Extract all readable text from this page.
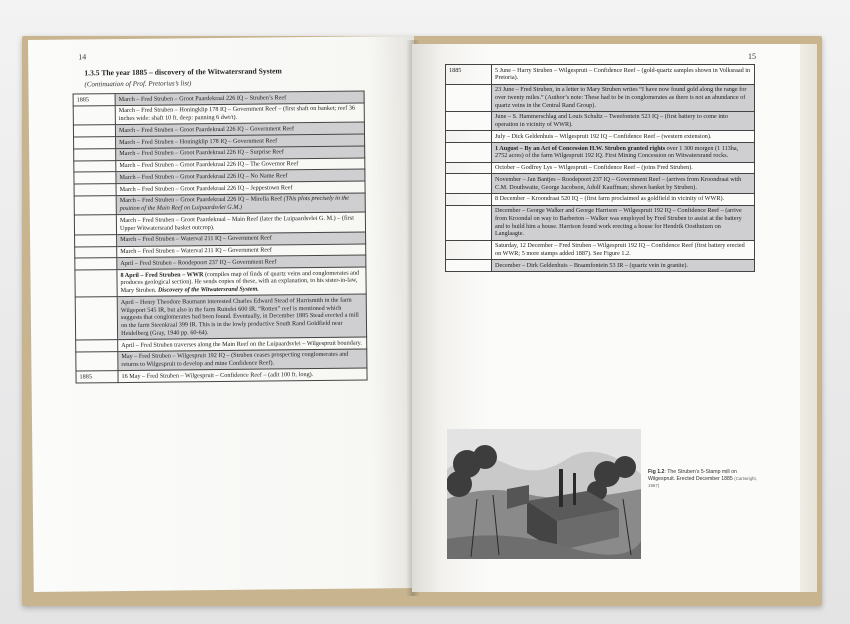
14
1.3.5 The year 1885 – discovery of the Witwatersrand System
(Continuation of Prof. Pretorius’s list)
1885	March – Fred Struben – Groot Paardekraal 226 IQ – Struben’s Reef
	March – Fred Struben – Honingklip 178 IQ – Government Reef – (first shaft on banket; reef 36 inches wide: shaft 10 ft. deep: panning 6 dwt/t).
	March – Fred Struben – Groot Paardekraal 226 IQ – Government Reef
	March – Fred Struben – Honingklip 178 IQ – Government Reef
	March – Fred Struben – Groot Paardekraal 226 IQ – Surprise Reef
	March – Fred Struben – Groot Paardekraal 226 IQ – The Governor Reef
	March – Fred Struben – Groot Paardekraal 226 IQ – No Name Reef
	March – Fred Struben – Groot Paardekraal 226 IQ – Jeppestown Reef
	March – Fred Struben – Groot Paardekraal 226 IQ – Mirella Reef (This plots precisely in the position of the Main Reef on Luipaardsvlei G.M.)
	March – Fred Struben – Groot Paardekraal – Main Reef (later the Luipaardsvlei G. M.) – (first Upper Witwatersrand basket outcrop).
	March – Fred Struben – Waterval 211 IQ – Government Reef
	March – Fred Struben – Waterval 211 IQ – Government Reef
	April – Fred Struben – Roodepoort 237 IQ – Government Reef
	8 April – Fred Struben – WWR (compiles map of finds of quartz veins and conglomerates and produces geological section). He sends copies of these, with an explanation, to his sister-in-law, Mary Struben. Discovery of the Witwatersrand System.
	April – Henry Theodore Baumann interested Charles Edward Stead of Harrismith in the farm Wilgeport 545 IR, but also in the farm Ruitsfei 600 IR. “Rotten” reef is mentioned which suggests that conglomerates had been found. Eventually, in December 1885 Stead erected a mill on the farm Steenkraal 399 IR. This is in the lowly productive South Rand Goldfield near Heidelberg (Gray, 1940 pp. 60-64).
	April – Fred Struben traverses along the Main Reef on the Luipaardsvlei – Wilgespruit boundary.
	May – Fred Struben – Wilgespruit 192 IQ – (Struben ceases prospecting conglomerates and returns to Wilgespruit to develop and mine Confidence Reef).
1885	16 May – Fred Struben – Wilgespruit – Confidence Reef – (adit 100 ft. long).
15
1885	5 June – Harry Struben – Wilgespruit – Confidence Reef – (gold-quartz samples shown in Volksraad in Pretoria).
	23 June – Fred Struben, in a letter to Mary Struben writes “I have now found gold along the range for over twenty miles.” (Author’s note: These had to be in conglomerates as there is not an abundance of quartz veins in the Central Rand Group).
	June – S. Hammerschlag and Louis Schultz – Tweefontein 523 IQ – (first battery to come into operation in vicinity of WWR).
	July – Dick Geldenhuis – Wilgespruit 192 IQ – Confidence Reef – (western extension).
	1 August – By an Act of Concession H.W. Struben granted rights over 1 300 morgen (1 113ha, 2752 acres) of the farm Wilgespruit 192 IQ. First Mining Concession on Witwatersrand rocks.
	October – Godfrey Lys – Wilgespruit – Confidence Reef – (joins Fred Struben).
	November – Jan Bantjes – Roodepoort 237 IQ – Government Reef – (arrives from Kroondraai with C.M. Douthwaite, George Jacobson, Adolf Kauffman; shown banket by Struben).
	8 December – Kroondraai 520 IQ – (first farm proclaimed as goldfield in vicinity of WWR).
	December – George Walker and George Harrison – Wilgespruit 192 IQ – Confidence Reef – (arrive from Kroondal on way to Barberton – Walker was employed by Fred Struben to assist at the battery and to build him a house. Harrison found work erecting a house for Hendrik Oosthuizen on Langlaagte.
	Saturday, 12 December – Fred Struben – Wilgespruit 192 IQ – Confidence Reef (first battery erected on WWR; 5 more stamps added 1887). See Figure 1.2.
	December – Dirk Geldenhuis – Braamfontein 53 IR – (quartz vein in granite).
Fig 1.2: The Struben’s 5-Stamp mill on Wilgespruit. Erected December 1885 (Cartwright, 1967)
